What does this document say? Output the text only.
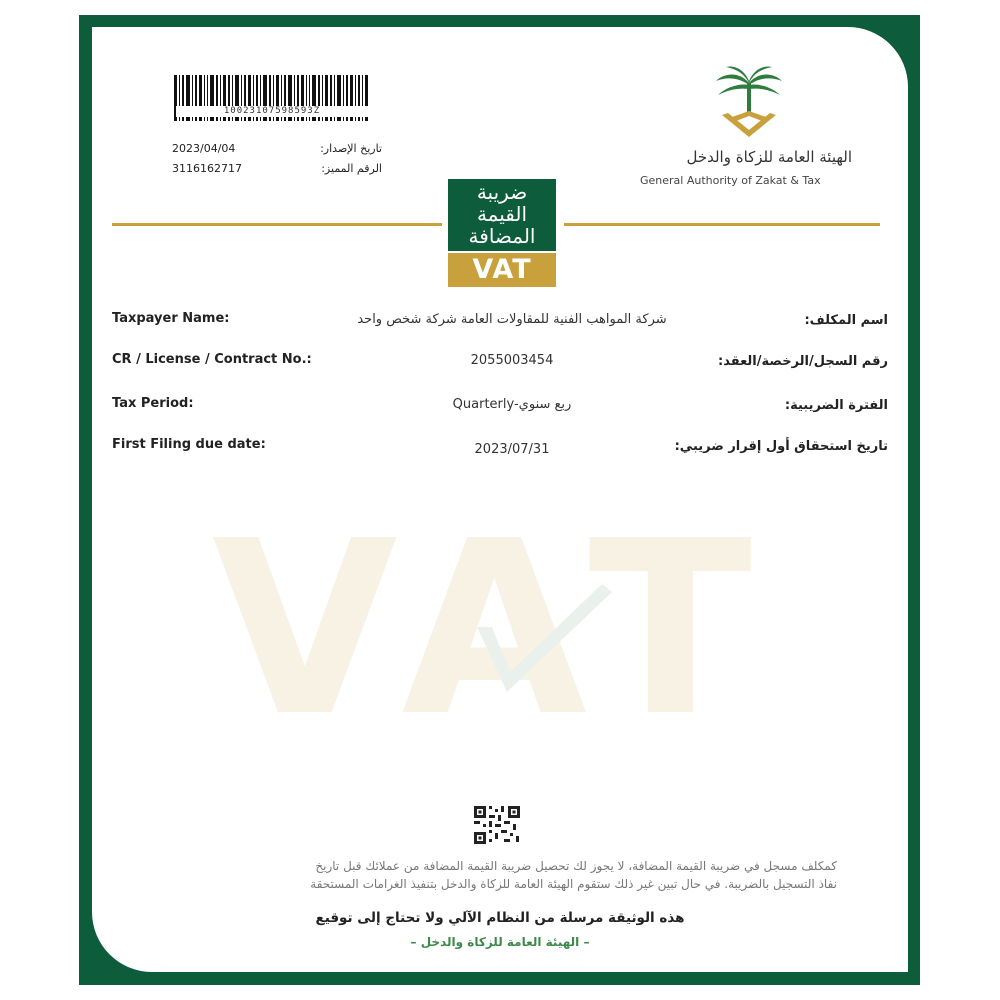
10023107598593Z
2023/04/04	تاريخ الإصدار:
3116162717	الرقم المميز:
الهيئة العامة للزكاة والدخل
General Authority of Zakat & Tax
ضريبة
القيمة
المضافة
VAT
Taxpayer Name:	شركة المواهب الفنية للمقاولات العامة شركة شخص واحد	اسم المكلف:
CR / License / Contract No.:	2055003454	رقم السجل/الرخصة/العقد:
Tax Period:	Quarterly-ربع سنوي	الفترة الضريبية:
First Filing due date:	2023/07/31	تاريخ استحقاق أول إقرار ضريبي:
VAT
كمكلف مسجل في ضريبة القيمة المضافة، لا يجوز لك تحصيل ضريبة القيمة المضافة من عملائك قبل تاريخ
نفاذ التسجيل بالضريبة. في حال تبين غير ذلك ستقوم الهيئة العامة للزكاة والدخل بتنفيذ الغرامات المستحقة
هذه الوثيقة مرسلة من النظام الآلي ولا تحتاج إلى توقيع
– الهيئة العامة للزكاة والدخل –
